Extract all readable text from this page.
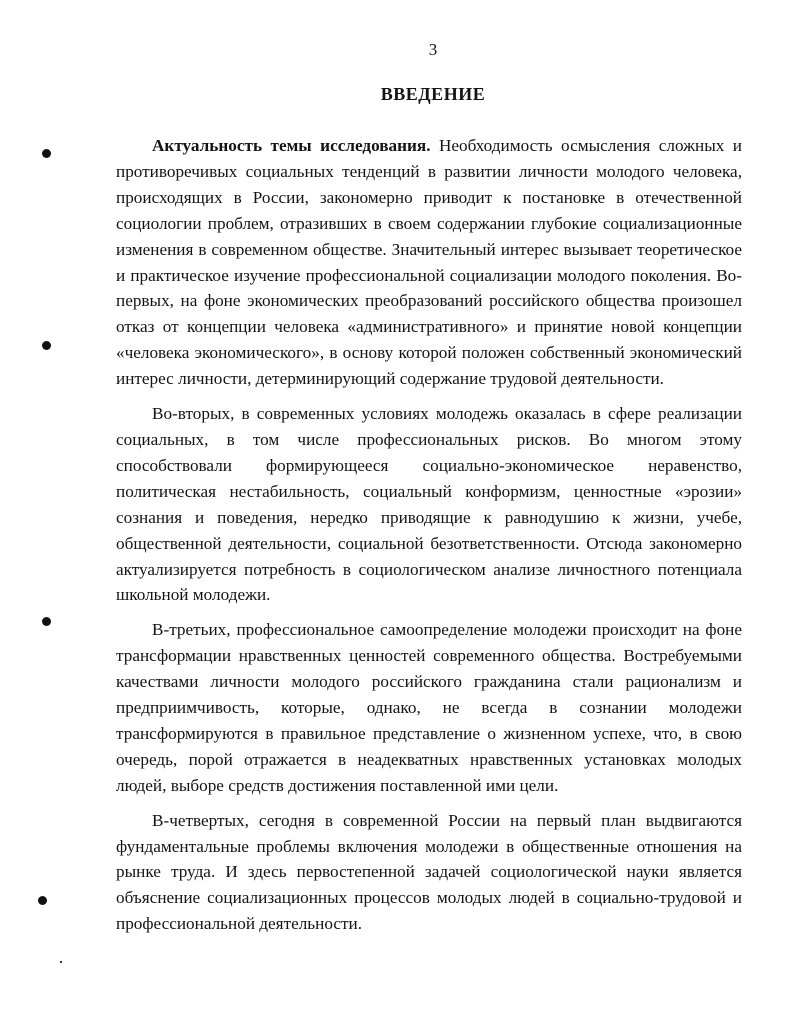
3
ВВЕДЕНИЕ

Актуальность темы исследования. Необходимость осмысления сложных и противоречивых социальных тенденций в развитии личности молодого человека, происходящих в России, закономерно приводит к постановке в отечественной социологии проблем, отразивших в своем содержании глубокие социализационные изменения в современном обществе. Значительный интерес вызывает теоретическое и практическое изучение профессиональной социализации молодого поколения. Во-первых, на фоне экономических преобразований российского общества произошел отказ от концепции человека «административного» и принятие новой концепции «человека экономического», в основу которой положен собственный экономический интерес личности, детерминирующий содержание трудовой деятельности.

Во-вторых, в современных условиях молодежь оказалась в сфере реализации социальных, в том числе профессиональных рисков. Во многом этому способствовали формирующееся социально-экономическое неравенство, политическая нестабильность, социальный конформизм, ценностные «эрозии» сознания и поведения, нередко приводящие к равнодушию к жизни, учебе, общественной деятельности, социальной безответственности. Отсюда закономерно актуализируется потребность в социологическом анализе личностного потенциала школьной молодежи.

В-третьих, профессиональное самоопределение молодежи происходит на фоне трансформации нравственных ценностей современного общества. Востребуемыми качествами личности молодого российского гражданина стали рационализм и предприимчивость, которые, однако, не всегда в сознании молодежи трансформируются в правильное представление о жизненном успехе, что, в свою очередь, порой отражается в неадекватных нравственных установках молодых людей, выборе средств достижения поставленной ими цели.

В-четвертых, сегодня в современной России на первый план выдвигаются фундаментальные проблемы включения молодежи в общественные отношения на рынке труда. И здесь первостепенной задачей социологической науки является объяснение социализационных процессов молодых людей в социально-трудовой и профессиональной деятельности.
